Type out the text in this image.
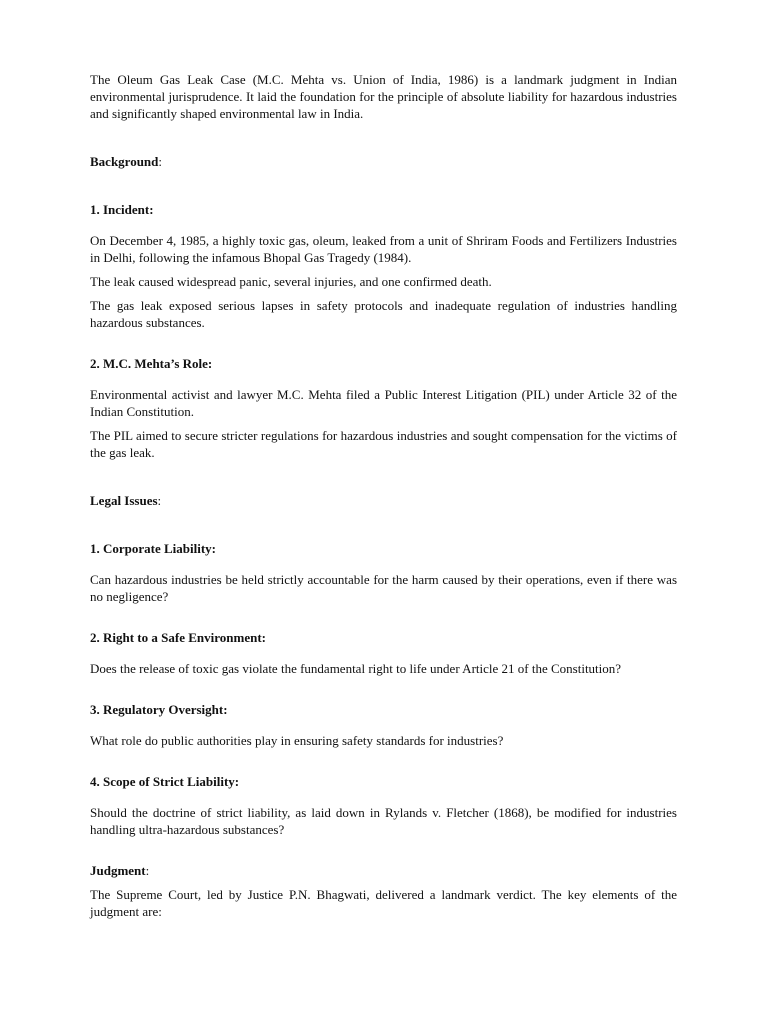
The Oleum Gas Leak Case (M.C. Mehta vs. Union of India, 1986) is a landmark judgment in Indian environmental jurisprudence. It laid the foundation for the principle of absolute liability for hazardous industries and significantly shaped environmental law in India.

Background:
1. Incident:

On December 4, 1985, a highly toxic gas, oleum, leaked from a unit of Shriram Foods and Fertilizers Industries in Delhi, following the infamous Bhopal Gas Tragedy (1984).

The leak caused widespread panic, several injuries, and one confirmed death.

The gas leak exposed serious lapses in safety protocols and inadequate regulation of industries handling hazardous substances.

2. M.C. Mehta’s Role:

Environmental activist and lawyer M.C. Mehta filed a Public Interest Litigation (PIL) under Article 32 of the Indian Constitution.

The PIL aimed to secure stricter regulations for hazardous industries and sought compensation for the victims of the gas leak.

Legal Issues:
1. Corporate Liability:

Can hazardous industries be held strictly accountable for the harm caused by their operations, even if there was no negligence?

2. Right to a Safe Environment:

Does the release of toxic gas violate the fundamental right to life under Article 21 of the Constitution?

3. Regulatory Oversight:

What role do public authorities play in ensuring safety standards for industries?

4. Scope of Strict Liability:

Should the doctrine of strict liability, as laid down in Rylands v. Fletcher (1868), be modified for industries handling ultra-hazardous substances?

Judgment:

The Supreme Court, led by Justice P.N. Bhagwati, delivered a landmark verdict. The key elements of the judgment are:
